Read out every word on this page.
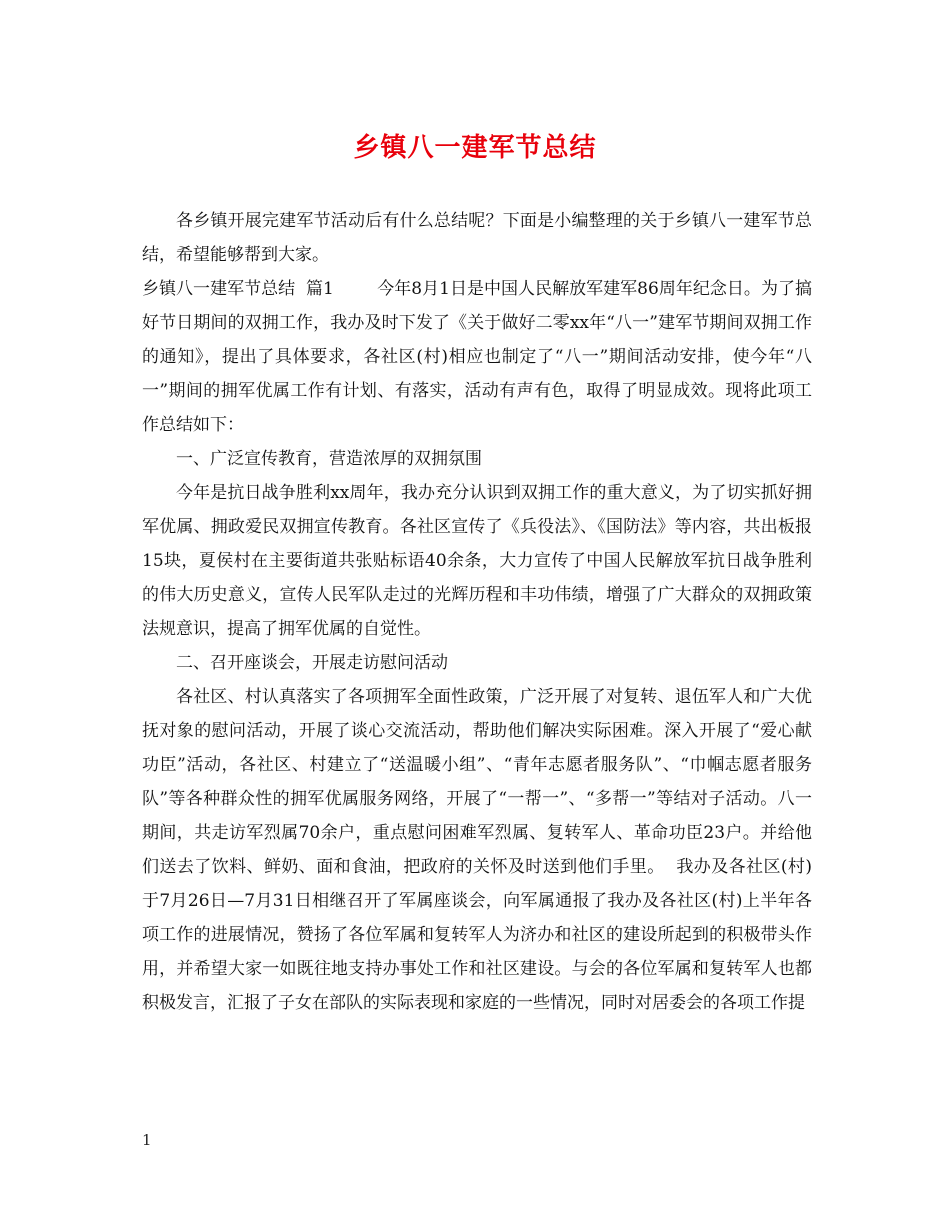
乡镇八一建军节总结

各乡镇开展完建军节活动后有什么总结呢？下面是小编整理的关于乡镇八一建军节总结，希望能够帮到大家。

乡镇八一建军节总结  篇1        今年8月1日是中国人民解放军建军86周年纪念日。为了搞好节日期间的双拥工作，我办及时下发了《关于做好二零xx年“八一”建军节期间双拥工作的通知》，提出了具体要求，各社区(村)相应也制定了“八一”期间活动安排，使今年“八一”期间的拥军优属工作有计划、有落实，活动有声有色，取得了明显成效。现将此项工作总结如下：

一、广泛宣传教育，营造浓厚的双拥氛围

今年是抗日战争胜利xx周年，我办充分认识到双拥工作的重大意义，为了切实抓好拥军优属、拥政爱民双拥宣传教育。各社区宣传了《兵役法》、《国防法》等内容，共出板报15块，夏侯村在主要街道共张贴标语40余条，大力宣传了中国人民解放军抗日战争胜利的伟大历史意义，宣传人民军队走过的光辉历程和丰功伟绩，增强了广大群众的双拥政策法规意识，提高了拥军优属的自觉性。

二、召开座谈会，开展走访慰问活动

各社区、村认真落实了各项拥军全面性政策，广泛开展了对复转、退伍军人和广大优抚对象的慰问活动，开展了谈心交流活动，帮助他们解决实际困难。深入开展了“爱心献功臣”活动，各社区、村建立了“送温暖小组”、“青年志愿者服务队”、“巾帼志愿者服务队”等各种群众性的拥军优属服务网络，开展了“一帮一”、“多帮一”等结对子活动。八一期间，共走访军烈属70余户，重点慰问困难军烈属、复转军人、革命功臣23户。并给他们送去了饮料、鲜奶、面和食油，把政府的关怀及时送到他们手里。  我办及各社区(村)于7月26日—7月31日相继召开了军属座谈会，向军属通报了我办及各社区(村)上半年各项工作的进展情况，赞扬了各位军属和复转军人为济办和社区的建设所起到的积极带头作用，并希望大家一如既往地支持办事处工作和社区建设。与会的各位军属和复转军人也都积极发言，汇报了子女在部队的实际表现和家庭的一些情况，同时对居委会的各项工作提

1
